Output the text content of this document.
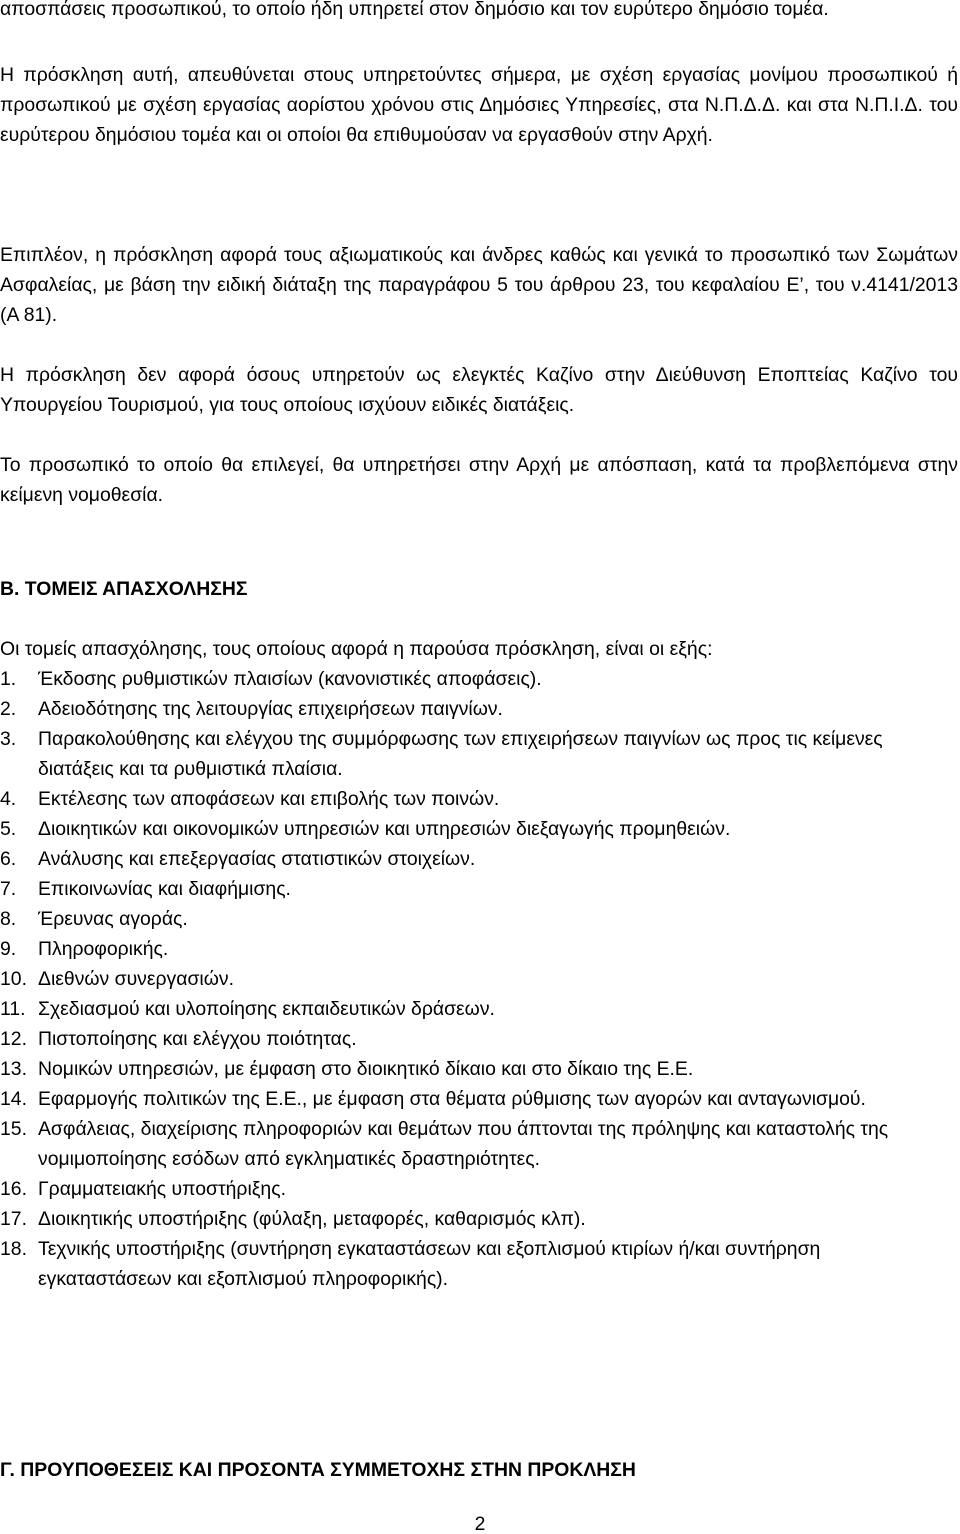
αποσπάσεις προσωπικού, το οποίο ήδη υπηρετεί στον δημόσιο και τον ευρύτερο δημόσιο τομέα.

Η πρόσκληση αυτή, απευθύνεται στους υπηρετούντες σήμερα, με σχέση εργασίας μονίμου προσωπικού ή προσωπικού με σχέση εργασίας αορίστου χρόνου στις Δημόσιες Υπηρεσίες, στα Ν.Π.Δ.Δ. και στα Ν.Π.Ι.Δ. του ευρύτερου δημόσιου τομέα και οι οποίοι θα επιθυμούσαν να εργασθούν στην Αρχή.

Επιπλέον, η πρόσκληση αφορά τους αξιωματικούς και άνδρες καθώς και γενικά το προσωπικό των Σωμάτων Ασφαλείας, με βάση την ειδική διάταξη της παραγράφου 5 του άρθρου 23, του κεφαλαίου Ε’, του ν.4141/2013 (Α 81).

Η πρόσκληση δεν αφορά όσους υπηρετούν ως ελεγκτές Καζίνο στην Διεύθυνση Εποπτείας Καζίνο του Υπουργείου Τουρισμού, για τους οποίους ισχύουν ειδικές διατάξεις.

Το προσωπικό το οποίο θα επιλεγεί, θα υπηρετήσει στην Αρχή με απόσπαση, κατά τα προβλεπόμενα στην κείμενη νομοθεσία.

Β. ΤΟΜΕΙΣ ΑΠΑΣΧΟΛΗΣΗΣ

Οι τομείς απασχόλησης, τους οποίους αφορά η παρούσα πρόσκληση, είναι οι εξής:

1. Έκδοσης ρυθμιστικών πλαισίων (κανονιστικές αποφάσεις).
2. Αδειοδότησης της λειτουργίας επιχειρήσεων παιγνίων.
3. Παρακολούθησης και ελέγχου της συμμόρφωσης των επιχειρήσεων παιγνίων ως προς τις κείμενες διατάξεις και τα ρυθμιστικά πλαίσια.
4. Εκτέλεσης των αποφάσεων και επιβολής των ποινών.
5. Διοικητικών και οικονομικών υπηρεσιών και υπηρεσιών διεξαγωγής προμηθειών.
6. Ανάλυσης και επεξεργασίας στατιστικών στοιχείων.
7. Επικοινωνίας και διαφήμισης.
8. Έρευνας αγοράς.
9. Πληροφορικής.
10. Διεθνών συνεργασιών.
11. Σχεδιασμού και υλοποίησης εκπαιδευτικών δράσεων.
12. Πιστοποίησης και ελέγχου ποιότητας.
13. Νομικών υπηρεσιών, με έμφαση στο διοικητικό δίκαιο και στο δίκαιο της Ε.Ε.
14. Εφαρμογής πολιτικών της Ε.Ε., με έμφαση στα θέματα ρύθμισης των αγορών και ανταγωνισμού.
15. Ασφάλειας, διαχείρισης πληροφοριών και θεμάτων που άπτονται της πρόληψης και καταστολής της νομιμοποίησης εσόδων από εγκληματικές δραστηριότητες.
16. Γραμματειακής υποστήριξης.
17. Διοικητικής υποστήριξης (φύλαξη, μεταφορές, καθαρισμός κλπ).
18. Τεχνικής υποστήριξης (συντήρηση εγκαταστάσεων και εξοπλισμού κτιρίων ή/και συντήρηση εγκαταστάσεων και εξοπλισμού πληροφορικής).
Γ. ΠΡΟΥΠΟΘΕΣΕΙΣ ΚΑΙ ΠΡΟΣΟΝΤΑ ΣΥΜΜΕΤΟΧΗΣ ΣΤΗΝ ΠΡΟΚΛΗΣΗ
2
